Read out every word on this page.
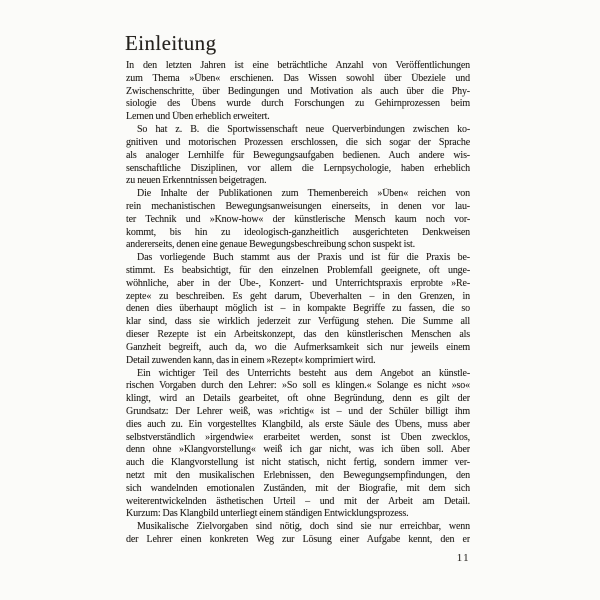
Einleitung
In den letzten Jahren ist eine beträchtliche Anzahl von Veröffentlichungen
zum Thema »Üben« erschienen. Das Wissen sowohl über Übeziele und
Zwischenschritte, über Bedingungen und Motivation als auch über die Phy-
siologie des Übens wurde durch Forschungen zu Gehirnprozessen beim
Lernen und Üben erheblich erweitert.
So hat z. B. die Sportwissenschaft neue Querverbindungen zwischen ko-
gnitiven und motorischen Prozessen erschlossen, die sich sogar der Sprache
als analoger Lernhilfe für Bewegungsaufgaben bedienen. Auch andere wis-
senschaftliche Disziplinen, vor allem die Lernpsychologie, haben erheblich
zu neuen Erkenntnissen beigetragen.
Die Inhalte der Publikationen zum Themenbereich »Üben« reichen von
rein mechanistischen Bewegungsanweisungen einerseits, in denen vor lau-
ter Technik und »Know-how« der künstlerische Mensch kaum noch vor-
kommt, bis hin zu ideologisch-ganzheitlich ausgerichteten Denkweisen
andererseits, denen eine genaue Bewegungsbeschreibung schon suspekt ist.
Das vorliegende Buch stammt aus der Praxis und ist für die Praxis be-
stimmt. Es beabsichtigt, für den einzelnen Problemfall geeignete, oft unge-
wöhnliche, aber in der Übe-, Konzert- und Unterrichtspraxis erprobte »Re-
zepte« zu beschreiben. Es geht darum, Übeverhalten – in den Grenzen, in
denen dies überhaupt möglich ist – in kompakte Begriffe zu fassen, die so
klar sind, dass sie wirklich jederzeit zur Verfügung stehen. Die Summe all
dieser Rezepte ist ein Arbeitskonzept, das den künstlerischen Menschen als
Ganzheit begreift, auch da, wo die Aufmerksamkeit sich nur jeweils einem
Detail zuwenden kann, das in einem »Rezept« komprimiert wird.
Ein wichtiger Teil des Unterrichts besteht aus dem Angebot an künstle-
rischen Vorgaben durch den Lehrer: »So soll es klingen.« Solange es nicht »so«
klingt, wird an Details gearbeitet, oft ohne Begründung, denn es gilt der
Grundsatz: Der Lehrer weiß, was »richtig« ist – und der Schüler billigt ihm
dies auch zu. Ein vorgestelltes Klangbild, als erste Säule des Übens, muss aber
selbstverständlich »irgendwie« erarbeitet werden, sonst ist Üben zwecklos,
denn ohne »Klangvorstellung« weiß ich gar nicht, was ich üben soll. Aber
auch die Klangvorstellung ist nicht statisch, nicht fertig, sondern immer ver-
netzt mit den musikalischen Erlebnissen, den Bewegungsempfindungen, den
sich wandelnden emotionalen Zuständen, mit der Biografie, mit dem sich
weiterentwickelnden ästhetischen Urteil – und mit der Arbeit am Detail.
Kurzum: Das Klangbild unterliegt einem ständigen Entwicklungsprozess.
Musikalische Zielvorgaben sind nötig, doch sind sie nur erreichbar, wenn
der Lehrer einen konkreten Weg zur Lösung einer Aufgabe kennt, den er
11
